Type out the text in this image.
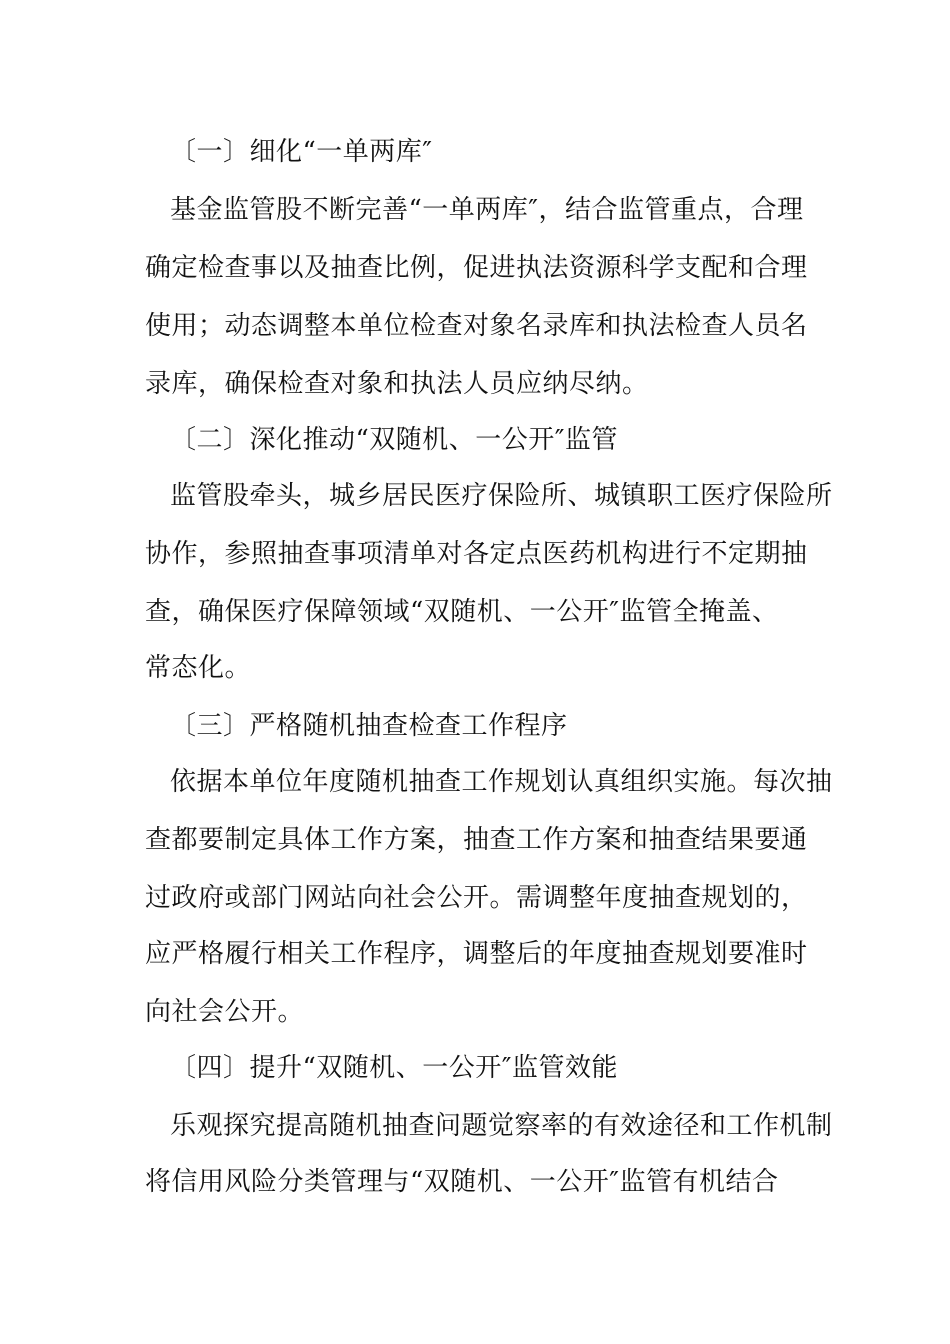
〔一〕细化“一单两库″
基金监管股不断完善“一单两库″，结合监管重点，合理
确定检查事以及抽查比例，促进执法资源科学支配和合理
使用；动态调整本单位检查对象名录库和执法检查人员名
录库，确保检查对象和执法人员应纳尽纳。
〔二〕深化推动“双随机、一公开″监管
监管股牵头，城乡居民医疗保险所、城镇职工医疗保险所
协作，参照抽查事项清单对各定点医药机构进行不定期抽
查，确保医疗保障领域“双随机、一公开″监管全掩盖、
常态化。
〔三〕严格随机抽查检查工作程序
依据本单位年度随机抽查工作规划认真组织实施。每次抽
查都要制定具体工作方案，抽查工作方案和抽查结果要通
过政府或部门网站向社会公开。需调整年度抽查规划的，
应严格履行相关工作程序，调整后的年度抽查规划要准时
向社会公开。
〔四〕提升“双随机、一公开″监管效能
乐观探究提高随机抽查问题觉察率的有效途径和工作机制
将信用风险分类管理与“双随机、一公开″监管有机结合
